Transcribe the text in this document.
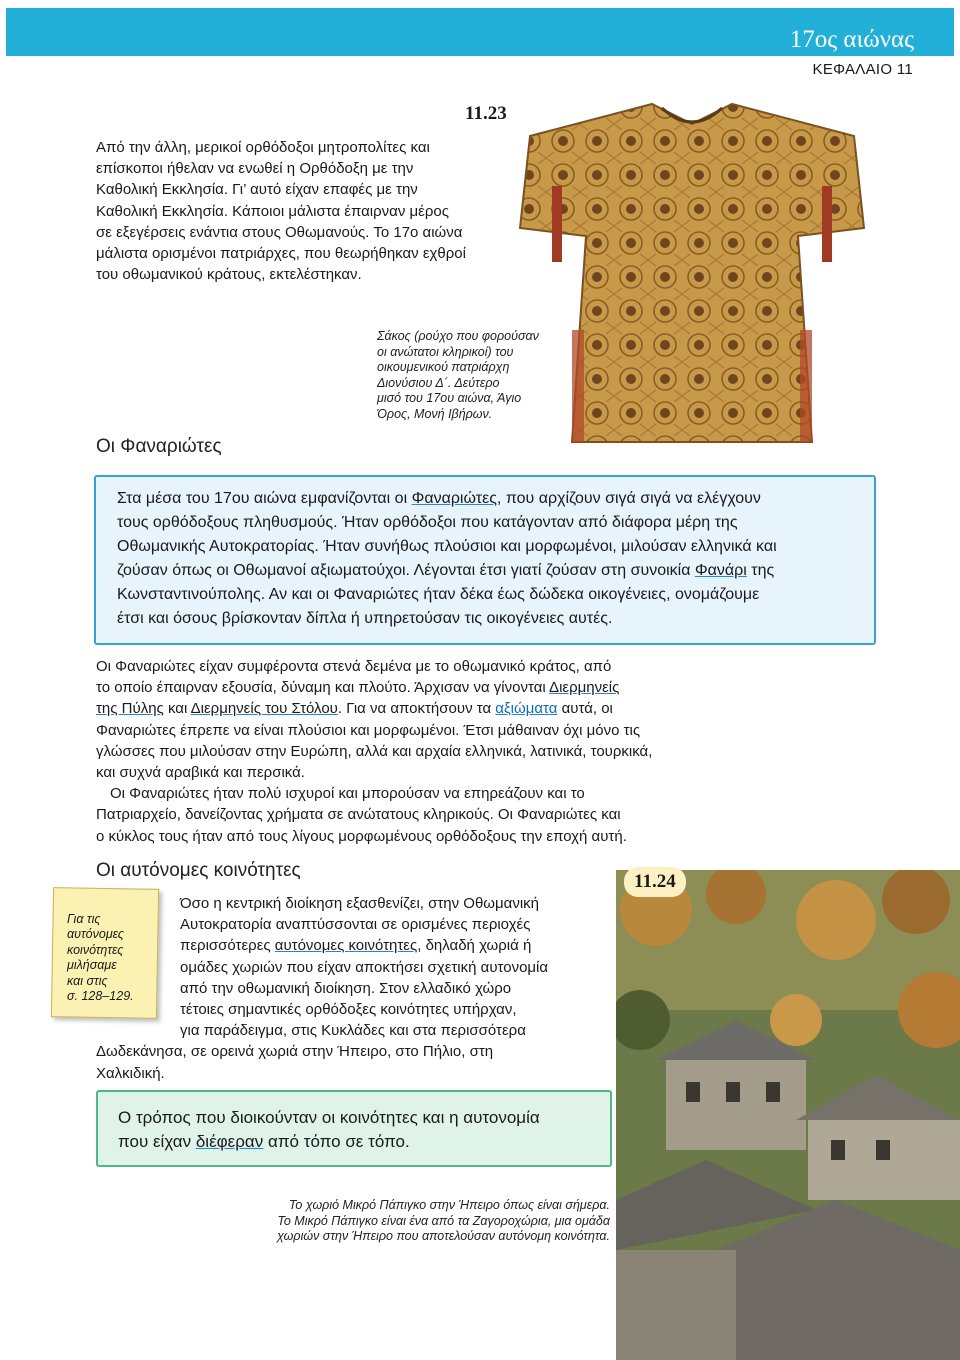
17ος αιώνας
ΚΕΦΑΛΑΙΟ 11

Από την άλλη, μερικοί ορθόδοξοι μητροπολίτες και

επίσκοποι ήθελαν να ενωθεί η Ορθόδοξη με την

Καθολική Εκκλησία. Γι’ αυτό είχαν επαφές με την

Καθολική Εκκλησία. Κάποιοι μάλιστα έπαιρναν μέρος

σε εξεγέρσεις ενάντια στους Οθωμανούς. Το 17ο αιώνα

μάλιστα ορισμένοι πατριάρχες, που θεωρήθηκαν εχθροί

του οθωμανικού κράτους, εκτελέστηκαν.

11.23
Σάκος (ρούχο που φορούσαν
οι ανώτατοι κληρικοί) του
οικουμενικού πατριάρχη
Διονύσιου Δ΄. Δεύτερο
μισό του 17ου αιώνα, Άγιο
Όρος, Μονή Ιβήρων.
Οι Φαναριώτες
Στα μέσα του 17ου αιώνα εμφανίζονται οι Φαναριώτες, που αρχίζουν σιγά σιγά να ελέγχουν
τους ορθόδοξους πληθυσμούς. Ήταν ορθόδοξοι που κατάγονταν από διάφορα μέρη της
Οθωμανικής Αυτοκρατορίας. Ήταν συνήθως πλούσιοι και μορφωμένοι, μιλούσαν ελληνικά και
ζούσαν όπως οι Οθωμανοί αξιωματούχοι. Λέγονται έτσι γιατί ζούσαν στη συνοικία Φανάρι της
Κωνσταντινούπολης. Αν και οι Φαναριώτες ήταν δέκα έως δώδεκα οικογένειες, ονομάζουμε
έτσι και όσους βρίσκονταν δίπλα ή υπηρετούσαν τις οικογένειες αυτές.

Οι Φαναριώτες είχαν συμφέροντα στενά δεμένα με το οθωμανικό κράτος, από

το οποίο έπαιρναν εξουσία, δύναμη και πλούτο. Άρχισαν να γίνονται Διερμηνείς

της Πύλης και Διερμηνείς του Στόλου. Για να αποκτήσουν τα αξιώματα αυτά, οι

Φαναριώτες έπρεπε να είναι πλούσιοι και μορφωμένοι. Έτσι μάθαιναν όχι μόνο τις

γλώσσες που μιλούσαν στην Ευρώπη, αλλά και αρχαία ελληνικά, λατινικά, τουρκικά,

και συχνά αραβικά και περσικά.

Οι Φαναριώτες ήταν πολύ ισχυροί και μπορούσαν να επηρεάζουν και το

Πατριαρχείο, δανείζοντας χρήματα σε ανώτατους κληρικούς. Οι Φαναριώτες και

ο κύκλος τους ήταν από τους λίγους μορφωμένους ορθόδοξους την εποχή αυτή.

Οι αυτόνομες κοινότητες
Για τις
αυτόνομες
κοινότητες
μιλήσαμε
και στις
σ. 128–129.

Όσο η κεντρική διοίκηση εξασθενίζει, στην Οθωμανική

Αυτοκρατορία αναπτύσσονται σε ορισμένες περιοχές

περισσότερες αυτόνομες κοινότητες, δηλαδή χωριά ή

ομάδες χωριών που είχαν αποκτήσει σχετική αυτονομία

από την οθωμανική διοίκηση. Στον ελλαδικό χώρο

τέτοιες σημαντικές ορθόδοξες κοινότητες υπήρχαν,

για παράδειγμα, στις Κυκλάδες και στα περισσότερα

Δωδεκάνησα, σε ορεινά χωριά στην Ήπειρο, στο Πήλιο, στη

Χαλκιδική.

Ο τρόπος που διοικούνταν οι κοινότητες και η αυτονομία
που είχαν διέφεραν από τόπο σε τόπο.
11.24
Το χωριό Μικρό Πάπιγκο στην Ήπειρο όπως είναι σήμερα.
Το Μικρό Πάπιγκο είναι ένα από τα Ζαγοροχώρια, μια ομάδα
χωριών στην Ήπειρο που αποτελούσαν αυτόνομη κοινότητα.
